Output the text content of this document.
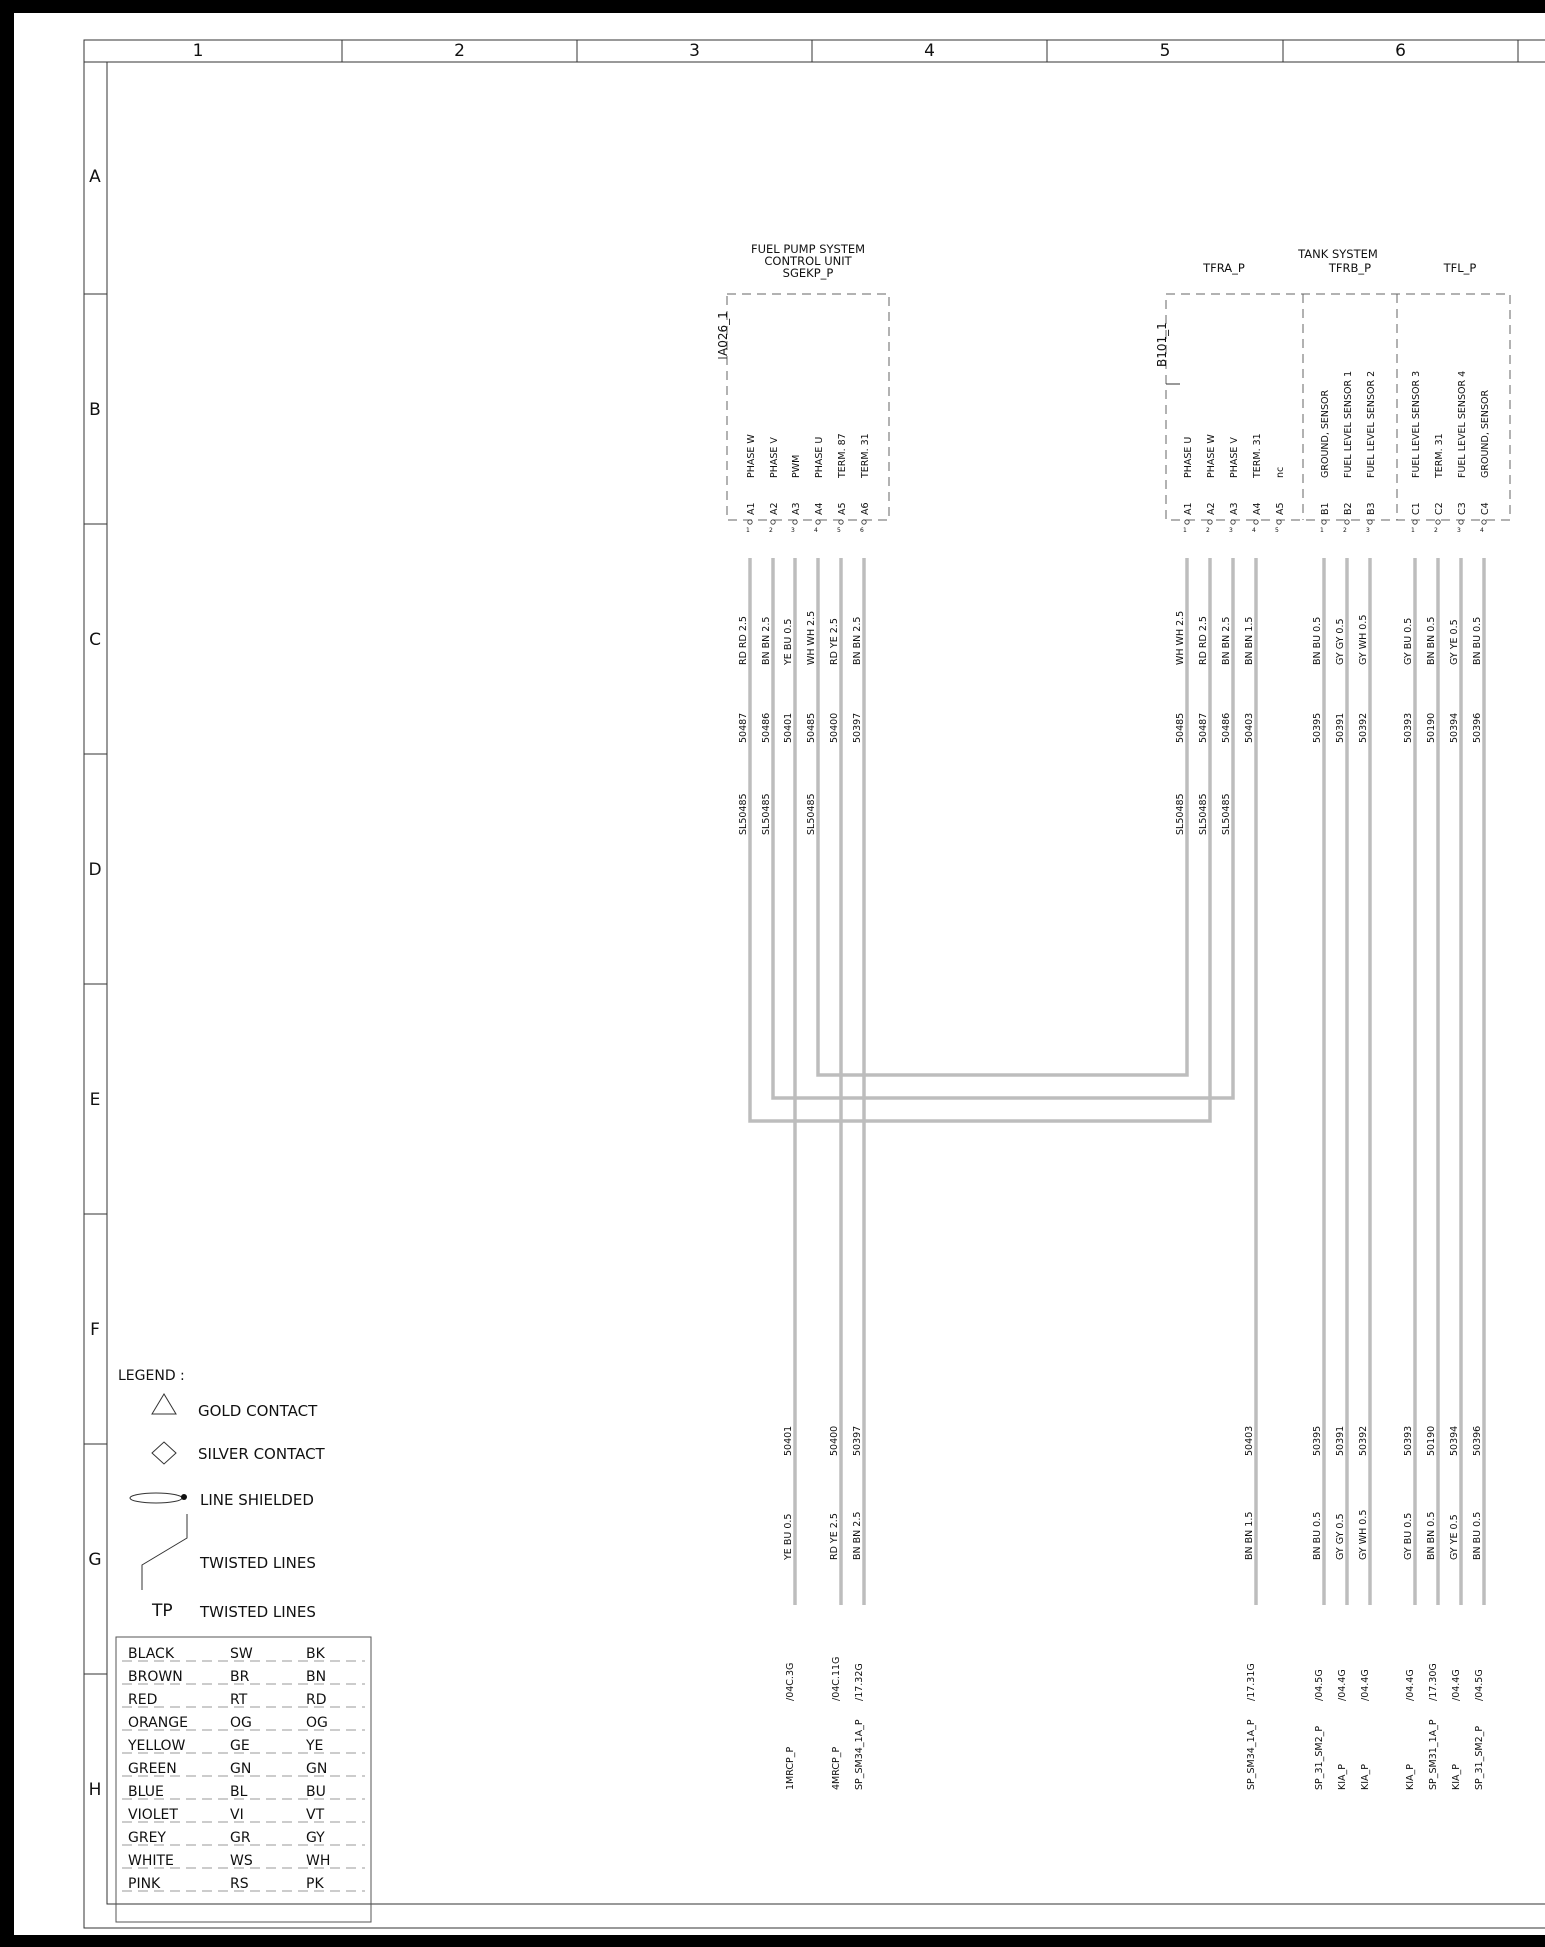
1	2	3	4	5	6
A
B
C
D
E
F
G
H
FUEL PUMP SYSTEM
CONTROL UNIT
SGEKP_P
A026_1
PHASE W
A1
1
PHASE V
A2
2
PWM
A3
3
PHASE U
A4
4
TERM. 87
A5
5
TERM. 31
A6
6
TANK SYSTEM
B101_1
TFRA_P	TFRB_P	TFL_P
PHASE U
A1
1
PHASE W
A2
2
PHASE V
A3
3
TERM. 31
A4
4
nc
A5
5
GROUND, SENSOR
B1
1
FUEL LEVEL SENSOR 1
B2
2
FUEL LEVEL SENSOR 2
B3
3
FUEL LEVEL SENSOR 3
C1
1
TERM. 31
C2
2
FUEL LEVEL SENSOR 4
C3
3
GROUND, SENSOR
C4
4
RD RD 2.5
50487
SL50485
BN BN 2.5
50486
SL50485
YE BU 0.5
50401
WH WH 2.5
50485
SL50485
RD YE 2.5
50400
BN BN 2.5
50397
WH WH 2.5
50485
SL50485
RD RD 2.5
50487
SL50485
BN BN 2.5
50486
SL50485
BN BN 1.5
50403
BN BU 0.5
50395
GY GY 0.5
50391
GY WH 0.5
50392
GY BU 0.5
50393
BN BN 0.5
50190
GY YE 0.5
50394
BN BU 0.5
50396
50401
YE BU 0.5
/04C.3G
1MRCP_P
50400
RD YE 2.5
/04C.11G
4MRCP_P
50397
BN BN 2.5
/17.32G
SP_SM34_1A_P
50403
BN BN 1.5
/17.31G
SP_SM34_1A_P
50395
BN BU 0.5
/04.5G
SP_31_SM2_P
50391
GY GY 0.5
/04.4G
KIA_P
50392
GY WH 0.5
/04.4G
KIA_P
50393
GY BU 0.5
/04.4G
KIA_P
50190
BN BN 0.5
/17.30G
SP_SM31_1A_P
50394
GY YE 0.5
/04.4G
KIA_P
50396
BN BU 0.5
/04.5G
SP_31_SM2_P
LEGEND :
GOLD CONTACT
SILVER CONTACT
LINE SHIELDED
TWISTED LINES
TP TWISTED LINES
BLACK	SW	BK
BROWN	BR	BN
RED	RT	RD
ORANGE	OG	OG
YELLOW	GE	YE
GREEN	GN	GN
BLUE	BL	BU
VIOLET	VI	VT
GREY	GR	GY
WHITE	WS	WH
PINK	RS	PK
